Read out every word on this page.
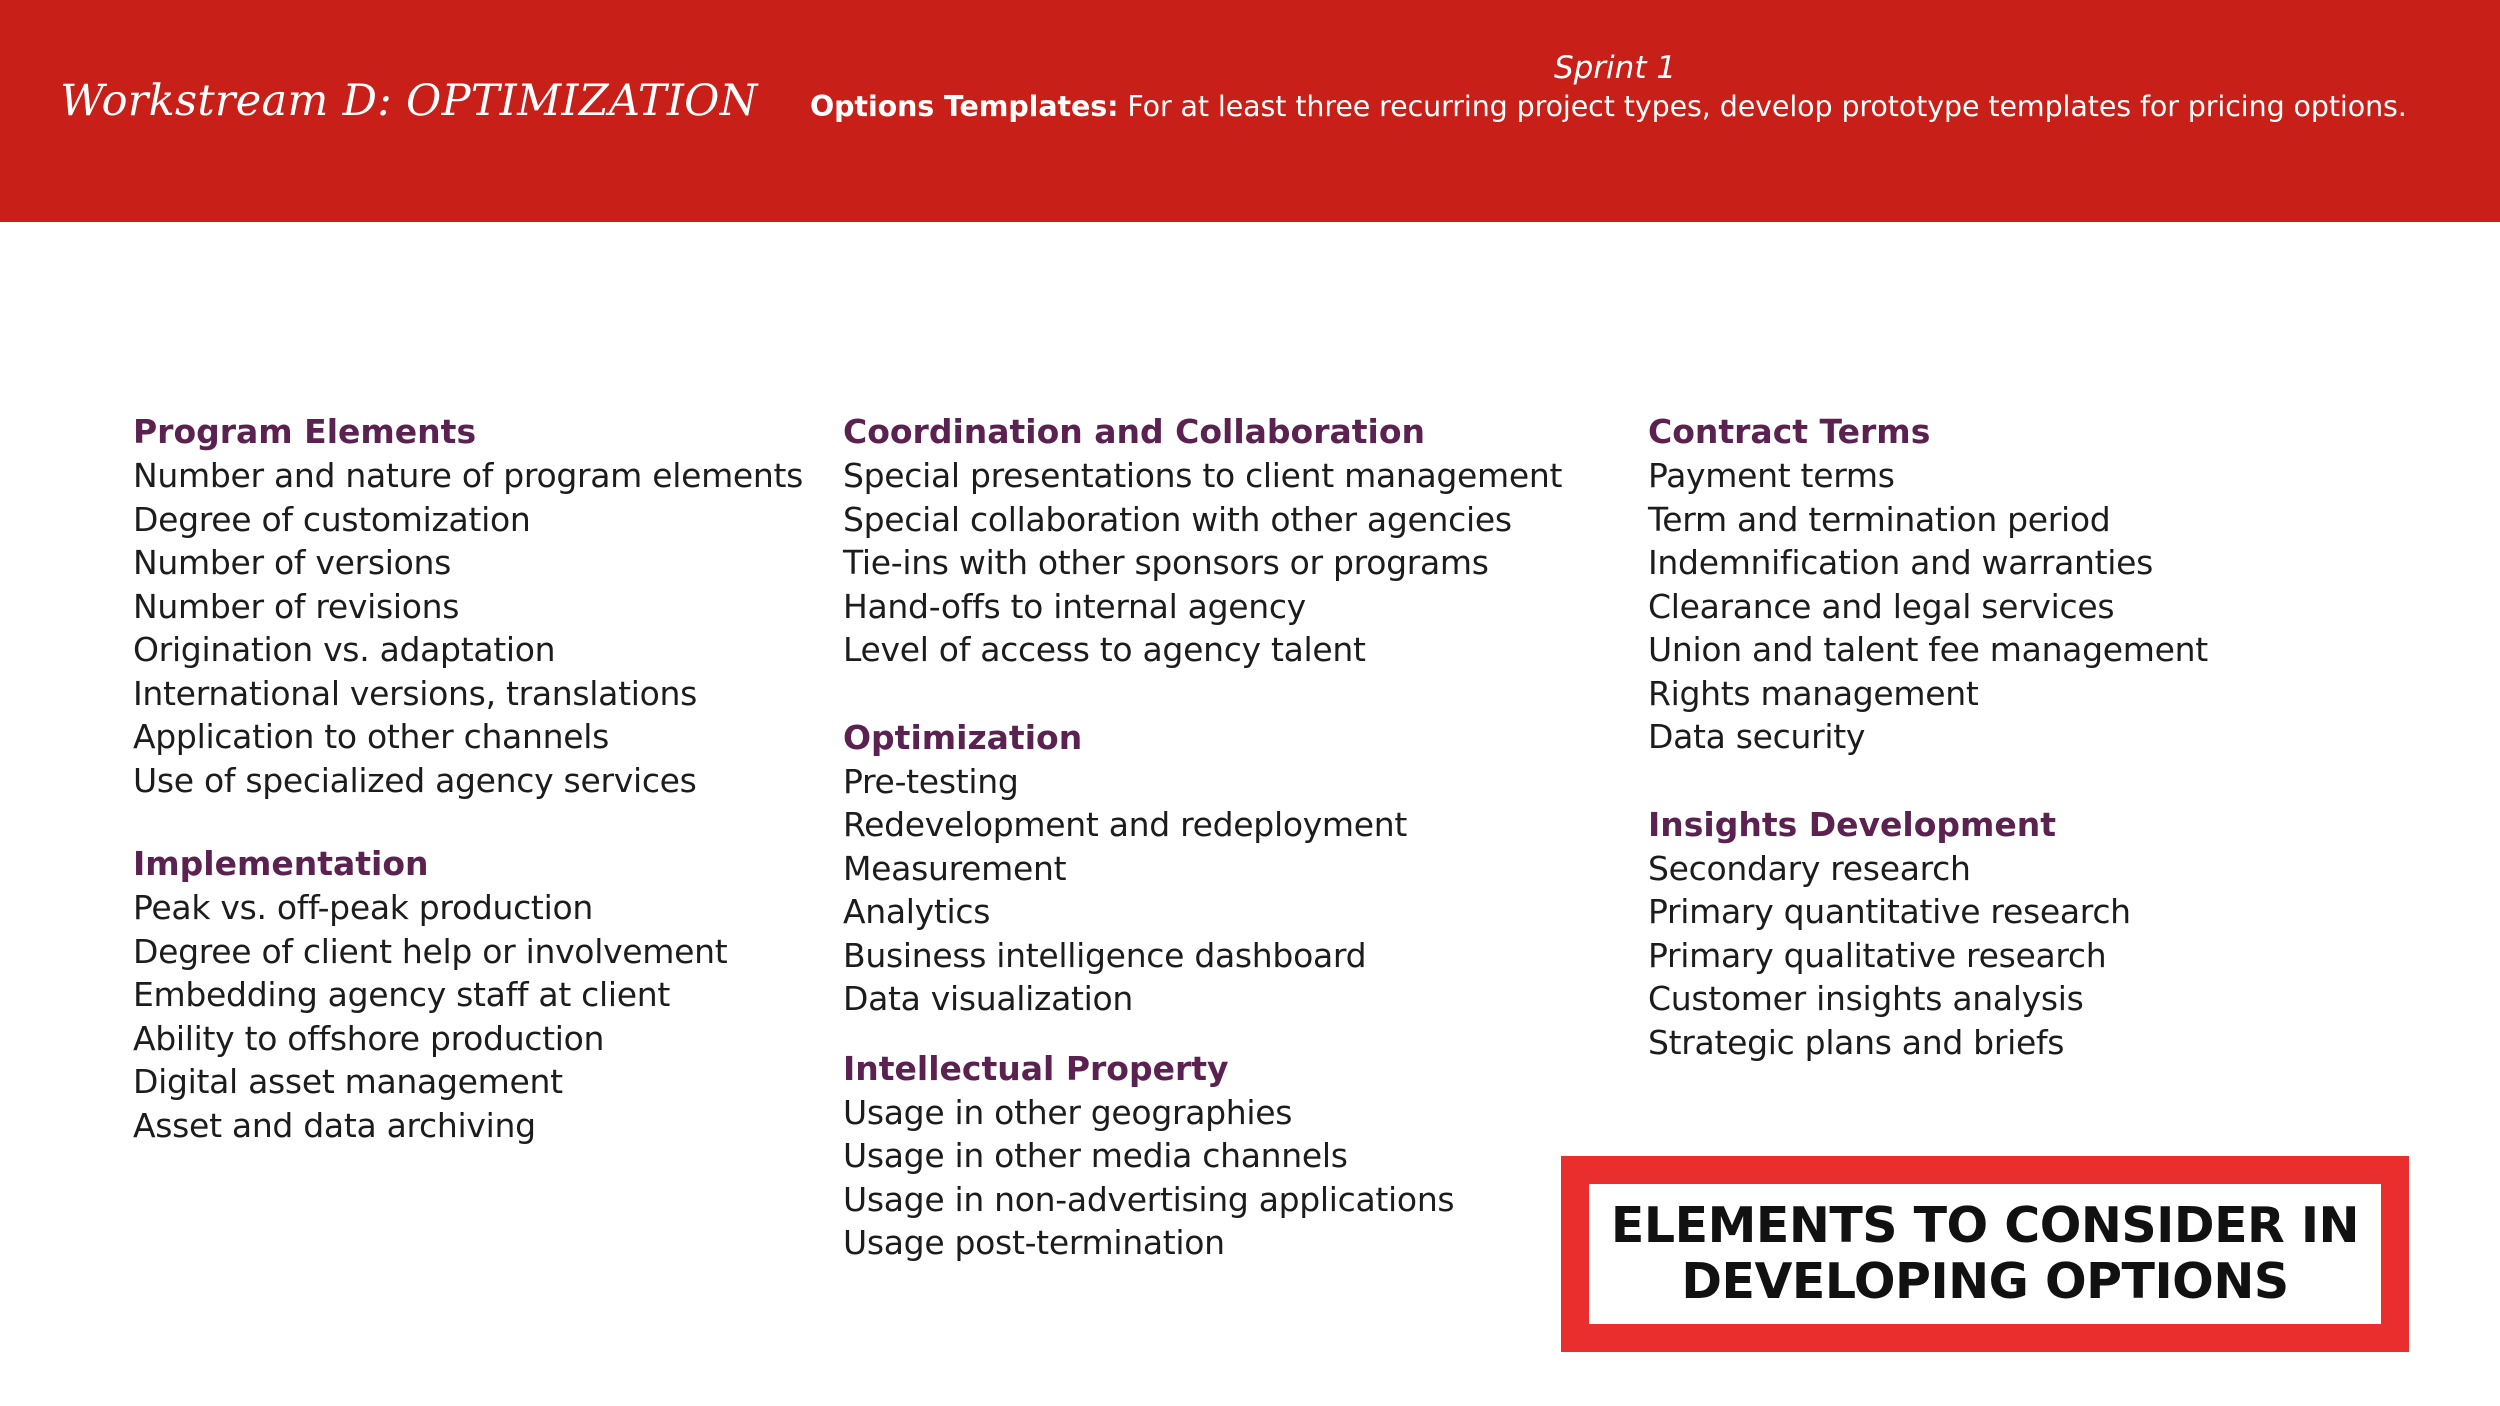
Workstream D: OPTIMIZATION
Sprint 1
Options Templates: For at least three recurring project types, develop prototype templates for pricing options.
Program Elements
Number and nature of program elements
Degree of customization
Number of versions
Number of revisions
Origination vs. adaptation
International versions, translations
Application to other channels
Use of specialized agency services
Implementation
Peak vs. off-peak production
Degree of client help or involvement
Embedding agency staff at client
Ability to offshore production
Digital asset management
Asset and data archiving
Coordination and Collaboration
Special presentations to client management
Special collaboration with other agencies
Tie-ins with other sponsors or programs
Hand-offs to internal agency
Level of access to agency talent
Optimization
Pre-testing
Redevelopment and redeployment
Measurement
Analytics
Business intelligence dashboard
Data visualization
Intellectual Property
Usage in other geographies
Usage in other media channels
Usage in non-advertising applications
Usage post-termination
Contract Terms
Payment terms
Term and termination period
Indemnification and warranties
Clearance and legal services
Union and talent fee management
Rights management
Data security
Insights Development
Secondary research
Primary quantitative research
Primary qualitative research
Customer insights analysis
Strategic plans and briefs
ELEMENTS TO CONSIDER IN
DEVELOPING OPTIONS
